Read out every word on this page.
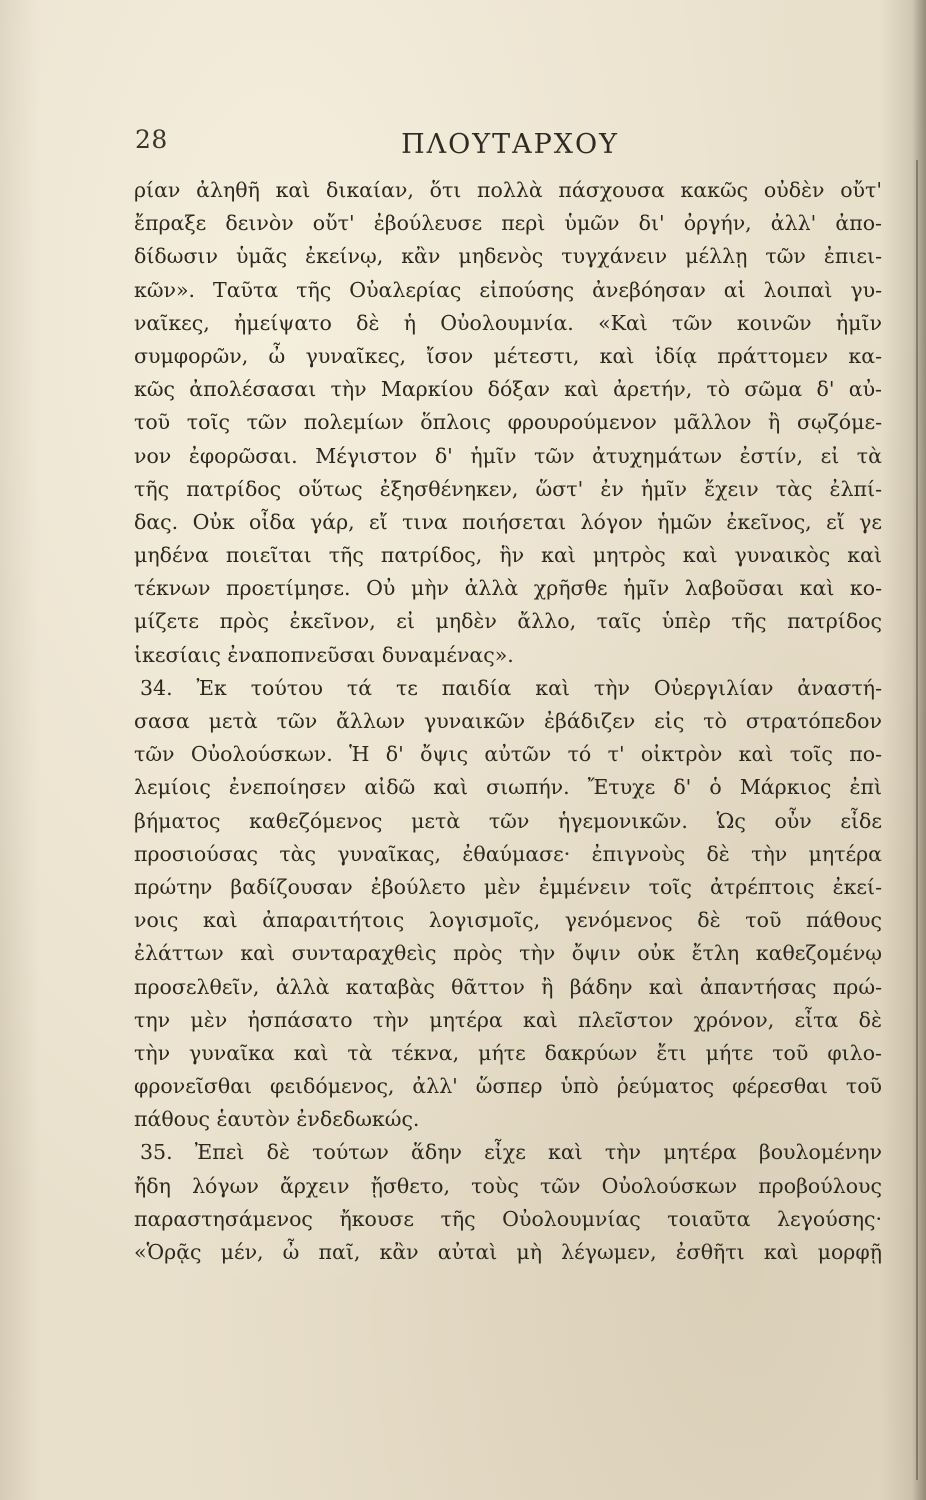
28	ΠΛΟΥΤΑΡΧΟΥ
ρίαν ἀληθῆ καὶ δικαίαν, ὅτι πολλὰ πάσχουσα κακῶς οὐδὲν οὔτ'
ἔπραξε δεινὸν οὔτ' ἐβούλευσε περὶ ὑμῶν δι' ὀργήν, ἀλλ' ἀπο-
δίδωσιν ὑμᾶς ἐκείνῳ, κἂν μηδενὸς τυγχάνειν μέλλῃ τῶν ἐπιει-
κῶν». Ταῦτα τῆς Οὐαλερίας εἰπούσης ἀνεβόησαν αἱ λοιπαὶ γυ-
ναῖκες, ἠμείψατο δὲ ἡ Οὐολουμνία. «Καὶ τῶν κοινῶν ἡμῖν
συμφορῶν, ὦ γυναῖκες, ἴσον μέτεστι, καὶ ἰδίᾳ πράττομεν κα-
κῶς ἀπολέσασαι τὴν Μαρκίου δόξαν καὶ ἀρετήν, τὸ σῶμα δ' αὐ-
τοῦ τοῖς τῶν πολεμίων ὅπλοις φρουρούμενον μᾶλλον ἢ σῳζόμε-
νον ἐφορῶσαι. Μέγιστον δ' ἡμῖν τῶν ἀτυχημάτων ἐστίν, εἰ τὰ
τῆς πατρίδος οὕτως ἐξησθένηκεν, ὥστ' ἐν ἡμῖν ἔχειν τὰς ἐλπί-
δας. Οὐκ οἶδα γάρ, εἴ τινα ποιήσεται λόγον ἡμῶν ἐκεῖνος, εἴ γε
μηδένα ποιεῖται τῆς πατρίδος, ἣν καὶ μητρὸς καὶ γυναικὸς καὶ
τέκνων προετίμησε. Οὐ μὴν ἀλλὰ χρῆσθε ἡμῖν λαβοῦσαι καὶ κο-
μίζετε πρὸς ἐκεῖνον, εἰ μηδὲν ἄλλο, ταῖς ὑπὲρ τῆς πατρίδος
ἱκεσίαις ἐναποπνεῦσαι δυναμένας».
34. Ἐκ τούτου τά τε παιδία καὶ τὴν Οὐεργιλίαν ἀναστή-
σασα μετὰ τῶν ἄλλων γυναικῶν ἐβάδιζεν εἰς τὸ στρατόπεδον
τῶν Οὐολούσκων. Ἡ δ' ὄψις αὐτῶν τό τ' οἰκτρὸν καὶ τοῖς πο-
λεμίοις ἐνεποίησεν αἰδῶ καὶ σιωπήν. Ἔτυχε δ' ὁ Μάρκιος ἐπὶ
βήματος καθεζόμενος μετὰ τῶν ἡγεμονικῶν. Ὡς οὖν εἶδε
προσιούσας τὰς γυναῖκας, ἐθαύμασε· ἐπιγνοὺς δὲ τὴν μητέρα
πρώτην βαδίζουσαν ἐβούλετο μὲν ἐμμένειν τοῖς ἀτρέπτοις ἐκεί-
νοις καὶ ἀπαραιτήτοις λογισμοῖς, γενόμενος δὲ τοῦ πάθους
ἐλάττων καὶ συνταραχθεὶς πρὸς τὴν ὄψιν οὐκ ἔτλη καθεζομένῳ
προσελθεῖν, ἀλλὰ καταβὰς θᾶττον ἢ βάδην καὶ ἀπαντήσας πρώ-
την μὲν ἠσπάσατο τὴν μητέρα καὶ πλεῖστον χρόνον, εἶτα δὲ
τὴν γυναῖκα καὶ τὰ τέκνα, μήτε δακρύων ἔτι μήτε τοῦ φιλο-
φρονεῖσθαι φειδόμενος, ἀλλ' ὥσπερ ὑπὸ ῥεύματος φέρεσθαι τοῦ
πάθους ἑαυτὸν ἐνδεδωκώς.
35. Ἐπεὶ δὲ τούτων ἅδην εἶχε καὶ τὴν μητέρα βουλομένην
ἤδη λόγων ἄρχειν ᾔσθετο, τοὺς τῶν Οὐολούσκων προβούλους
παραστησάμενος ἤκουσε τῆς Οὐολουμνίας τοιαῦτα λεγούσης·
«Ὁρᾷς μέν, ὦ παῖ, κἂν αὐταὶ μὴ λέγωμεν, ἐσθῆτι καὶ μορφῇ
